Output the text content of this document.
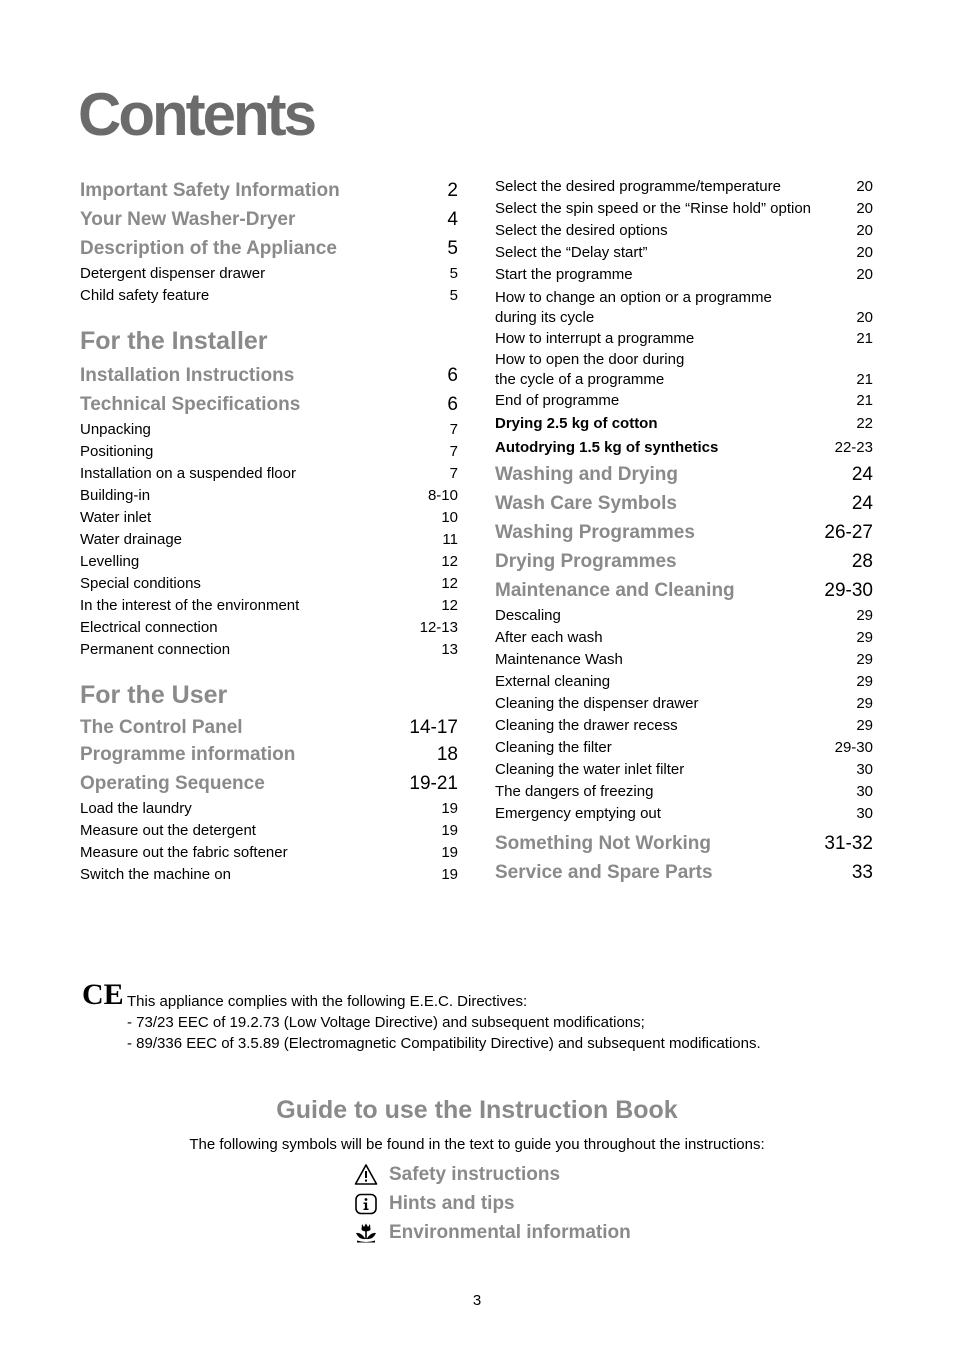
Contents
Important Safety Information	2
Your New Washer-Dryer	4
Description of the Appliance	5
Detergent dispenser drawer	5
Child safety feature	5
For the Installer
Installation Instructions	6
Technical Specifications	6
Unpacking	7
Positioning	7
Installation on a suspended floor	7
Building-in	8-10
Water inlet	10
Water drainage	11
Levelling	12
Special conditions	12
In the interest of the environment	12
Electrical connection	12-13
Permanent connection	13
For the User
The Control Panel	14-17
Programme information	18
Operating Sequence	19-21
Load the laundry	19
Measure out the detergent	19
Measure out the fabric softener	19
Switch the machine on	19
Select the desired programme/temperature	20
Select the spin speed or the “Rinse hold” option	20
Select the desired options	20
Select the “Delay start”	20
Start the programme	20
How to change an option or a programme
during its cycle	20
How to interrupt a programme	21
How to open the door during
the cycle of a programme	21
End of programme	21
Drying 2.5 kg of cotton	22
Autodrying 1.5 kg of synthetics	22-23
Washing and Drying	24
Wash Care Symbols	24
Washing Programmes	26-27
Drying Programmes	28
Maintenance and Cleaning	29-30
Descaling	29
After each wash	29
Maintenance Wash	29
External cleaning	29
Cleaning the dispenser drawer	29
Cleaning the drawer recess	29
Cleaning the filter	29-30
Cleaning the water inlet filter	30
The dangers of freezing	30
Emergency emptying out	30
Something Not Working	31-32
Service and Spare Parts	33
CE This appliance complies with the following E.E.C. Directives:
- 73/23 EEC of 19.2.73 (Low Voltage Directive) and subsequent modifications;
- 89/336 EEC of 3.5.89 (Electromagnetic Compatibility Directive) and subsequent modifications.
Guide to use the Instruction Book
The following symbols will be found in the text to guide you throughout the instructions:
Safety instructions
Hints and tips
Environmental information
3
